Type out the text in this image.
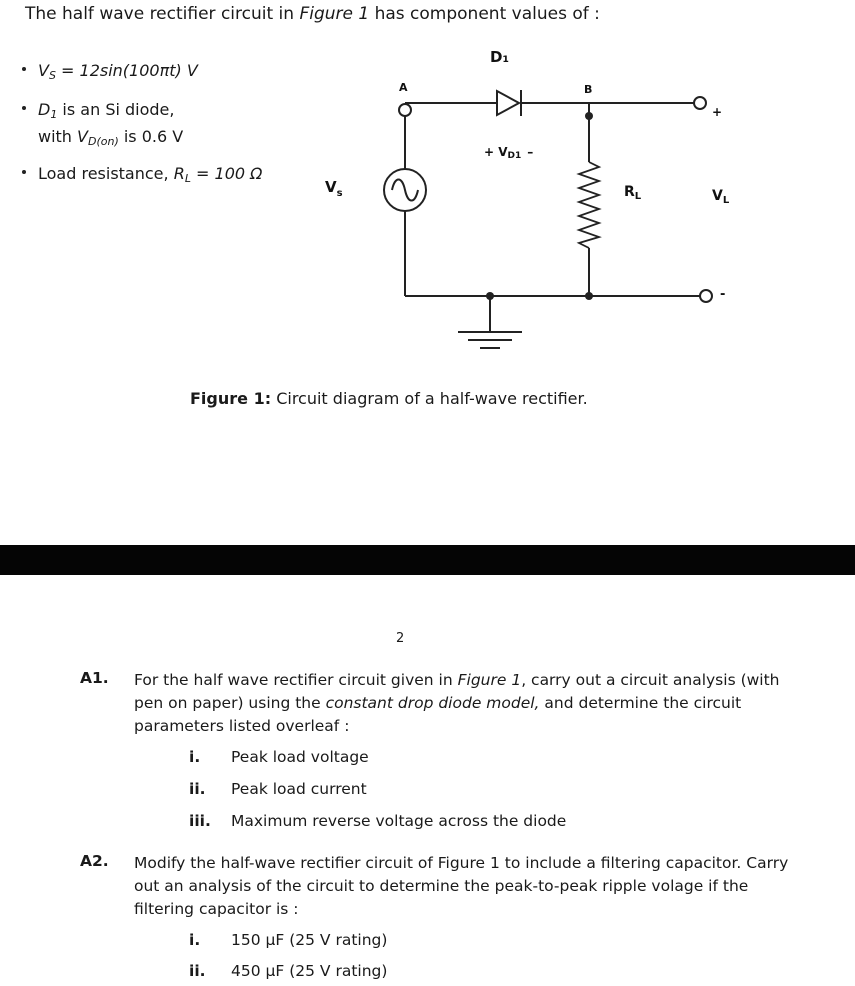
The half wave rectifier circuit in Figure 1 has component values of :
$V_S = 12\sin(100\pi t)$ V
$D_1$ is an Si diode,
with $V_{D(on)}$ is 0.6 V
Load resistance, $R_L = 100$ Ω
D₁
A	B
+ VD1 –
$V_s$	$R_L$	$V_L$
+
-
Figure 1: Circuit diagram of a half-wave rectifier.
2
A1. For the half wave rectifier circuit given in Figure 1, carry out a circuit analysis (with pen on paper) using the constant drop diode model, and determine the circuit parameters listed overleaf :
i. Peak load voltage
ii. Peak load current
iii. Maximum reverse voltage across the diode
A2. Modify the half-wave rectifier circuit of Figure 1 to include a filtering capacitor. Carry out an analysis of the circuit to determine the peak-to-peak ripple volage if the filtering capacitor is :
i. 150 µF (25 V rating)
ii. 450 µF (25 V rating)
